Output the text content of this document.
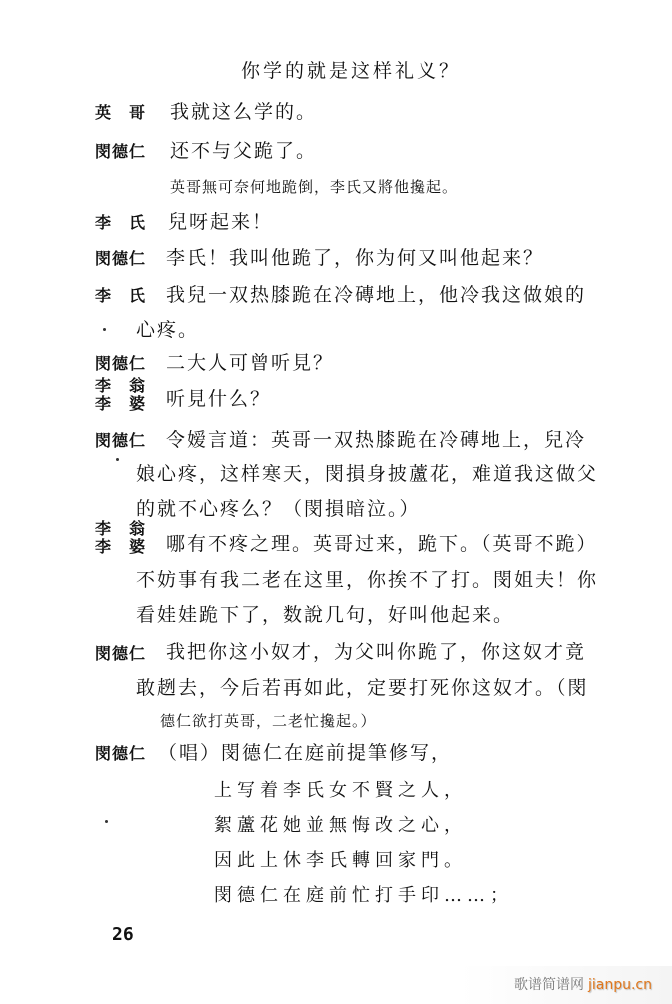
你学的就是这样礼义？
英　哥 我就这么学的。
閔德仁 还不与父跪了。
英哥無可奈何地跪倒，李氏又將他攙起。
李　氏 兒呀起来！
閔德仁 李氏！我叫他跪了，你为何又叫他起来？
李　氏 我兒一双热膝跪在冷磚地上，他冷我这做娘的
心疼。
閔德仁 二大人可曾听見？
李　翁
李　婆 听見什么？
閔德仁 令嫒言道：英哥一双热膝跪在冷磚地上，兒冷
娘心疼，这样寒天，閔損身披蘆花，难道我这做父
的就不心疼么？（閔損暗泣。）
李　翁
李　婆 哪有不疼之理。英哥过来，跪下。（英哥不跪）
不妨事有我二老在这里，你挨不了打。閔姐夫！你
看娃娃跪下了，数說几句，好叫他起来。
閔德仁 我把你这小奴才，为父叫你跪了，你这奴才竟
敢趔去，今后若再如此，定要打死你这奴才。（閔
德仁欲打英哥，二老忙攙起。）
閔德仁 （唱）閔德仁在庭前提筆修写，
上写着李氏女不賢之人，
絮蘆花她並無悔改之心，
因此上休李氏轉回家門。
閔德仁在庭前忙打手印……；
26
歌谱简谱网 jianpu.cn
